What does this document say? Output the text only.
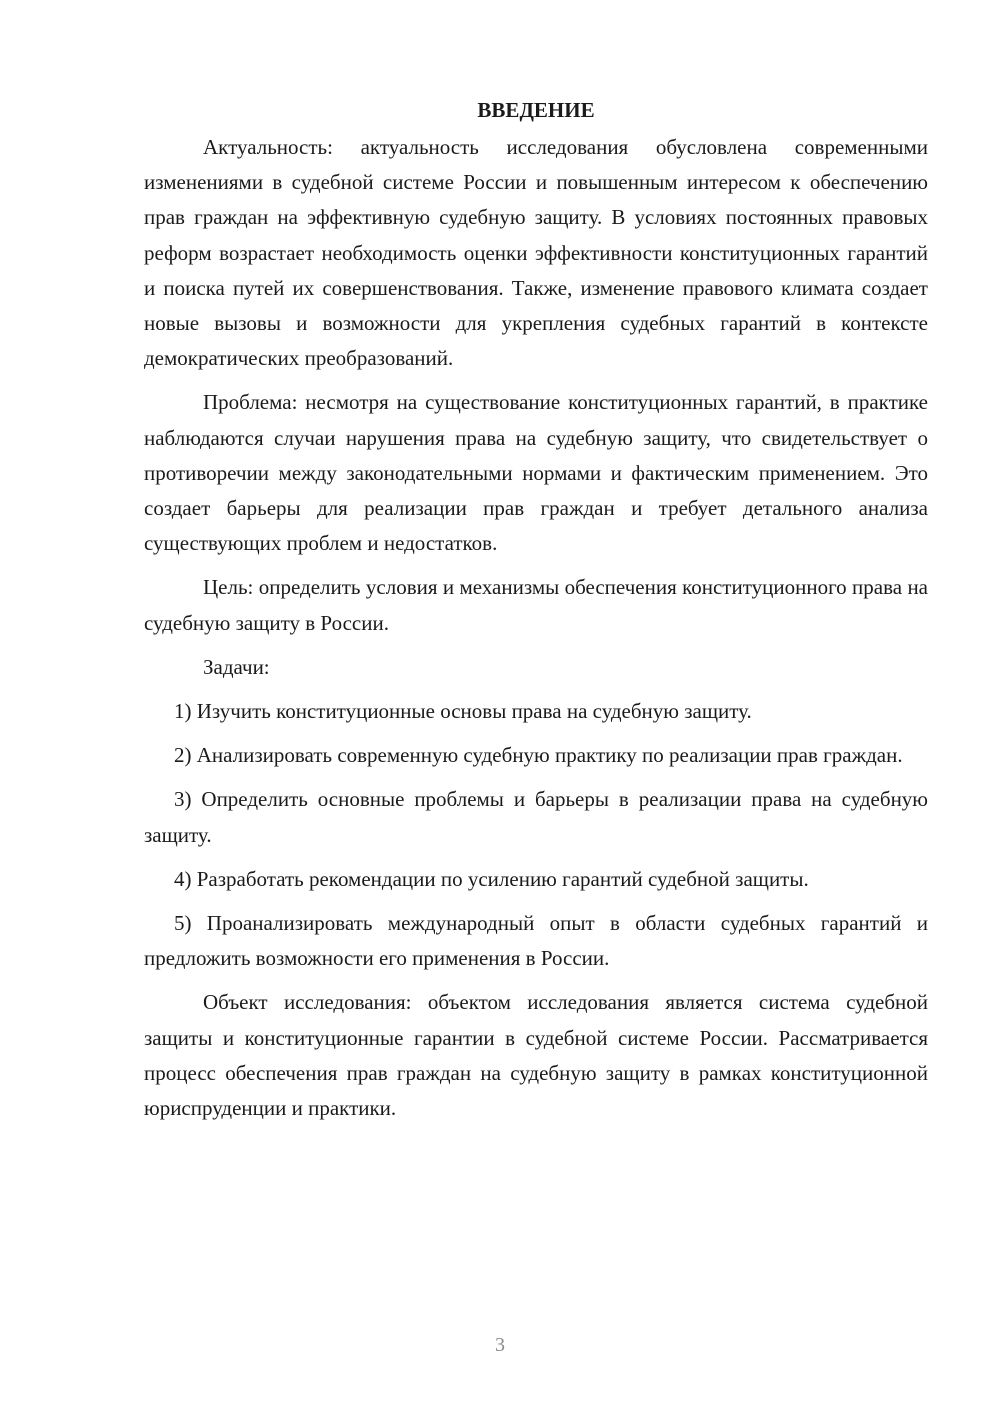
ВВЕДЕНИЕ

Актуальность: актуальность исследования обусловлена современными изменениями в судебной системе России и повышенным интересом к обеспечению прав граждан на эффективную судебную защиту. В условиях постоянных правовых реформ возрастает необходимость оценки эффективности конституционных гарантий и поиска путей их совершенствования. Также, изменение правового климата создает новые вызовы и возможности для укрепления судебных гарантий в контексте демократических преобразований.

Проблема: несмотря на существование конституционных гарантий, в практике наблюдаются случаи нарушения права на судебную защиту, что свидетельствует о противоречии между законодательными нормами и фактическим применением. Это создает барьеры для реализации прав граждан и требует детального анализа существующих проблем и недостатков.

Цель: определить условия и механизмы обеспечения конституционного права на судебную защиту в России.

Задачи:

1) Изучить конституционные основы права на судебную защиту.

2) Анализировать современную судебную практику по реализации прав граждан.

3) Определить основные проблемы и барьеры в реализации права на судебную защиту.

4) Разработать рекомендации по усилению гарантий судебной защиты.

5) Проанализировать международный опыт в области судебных гарантий и предложить возможности его применения в России.

Объект исследования: объектом исследования является система судебной защиты и конституционные гарантии в судебной системе России. Рассматривается процесс обеспечения прав граждан на судебную защиту в рамках конституционной юриспруденции и практики.

3
